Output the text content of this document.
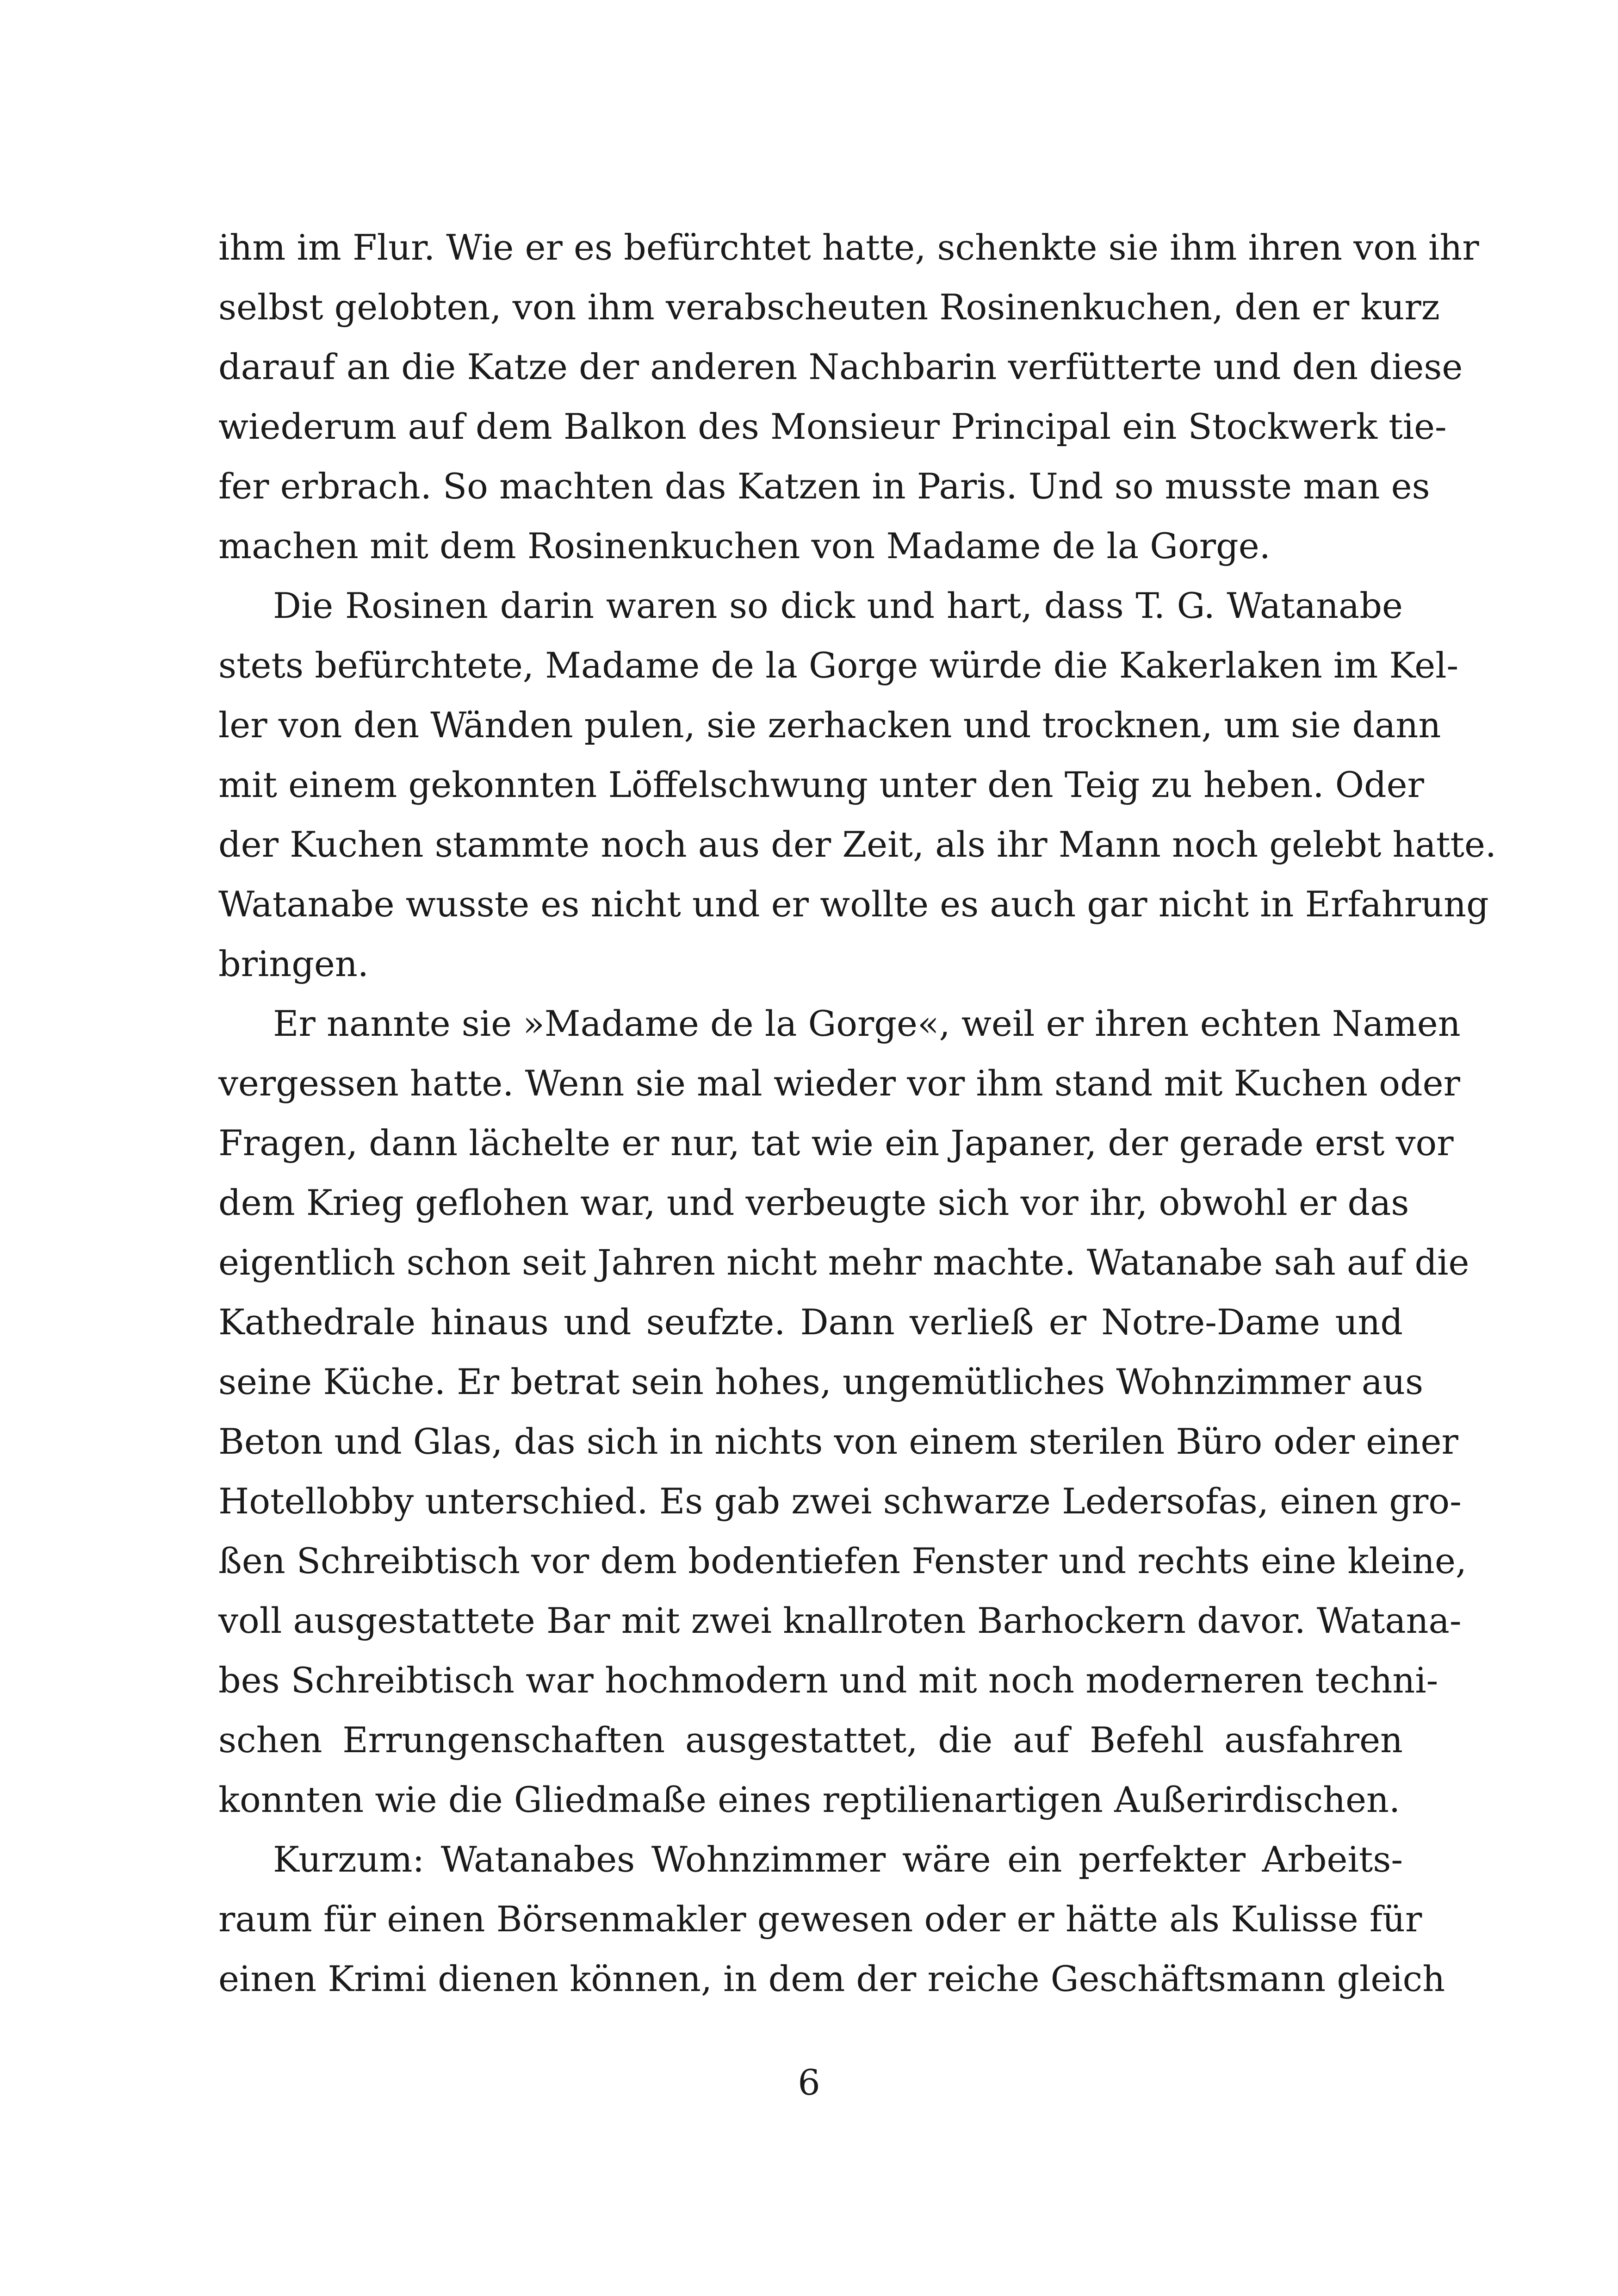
ihm im Flur. Wie er es befürchtet hatte, schenkte sie ihm ihren von ihr
selbst gelobten, von ihm verabscheuten Rosinenkuchen, den er kurz
darauf an die Katze der anderen Nachbarin verfütterte und den diese
wiederum auf dem Balkon des Monsieur Principal ein Stockwerk tie-
fer erbrach. So machten das Katzen in Paris. Und so musste man es
machen mit dem Rosinenkuchen von Madame de la Gorge.
Die Rosinen darin waren so dick und hart, dass T. G. Watanabe
stets befürchtete, Madame de la Gorge würde die Kakerlaken im Kel-
ler von den Wänden pulen, sie zerhacken und trocknen, um sie dann
mit einem gekonnten Löffelschwung unter den Teig zu heben. Oder
der Kuchen stammte noch aus der Zeit, als ihr Mann noch gelebt hatte.
Watanabe wusste es nicht und er wollte es auch gar nicht in Erfahrung
bringen.
Er nannte sie »Madame de la Gorge«, weil er ihren echten Namen
vergessen hatte. Wenn sie mal wieder vor ihm stand mit Kuchen oder
Fragen, dann lächelte er nur, tat wie ein Japaner, der gerade erst vor
dem Krieg geflohen war, und verbeugte sich vor ihr, obwohl er das
eigentlich schon seit Jahren nicht mehr machte. Watanabe sah auf die
Kathedrale hinaus und seufzte. Dann verließ er Notre-Dame und
seine Küche. Er betrat sein hohes, ungemütliches Wohnzimmer aus
Beton und Glas, das sich in nichts von einem sterilen Büro oder einer
Hotellobby unterschied. Es gab zwei schwarze Ledersofas, einen gro-
ßen Schreibtisch vor dem bodentiefen Fenster und rechts eine kleine,
voll ausgestattete Bar mit zwei knallroten Barhockern davor. Watana-
bes Schreibtisch war hochmodern und mit noch moderneren techni-
schen Errungenschaften ausgestattet, die auf Befehl ausfahren
konnten wie die Gliedmaße eines reptilienartigen Außerirdischen.
Kurzum: Watanabes Wohnzimmer wäre ein perfekter Arbeits-
raum für einen Börsenmakler gewesen oder er hätte als Kulisse für
einen Krimi dienen können, in dem der reiche Geschäftsmann gleich
6
